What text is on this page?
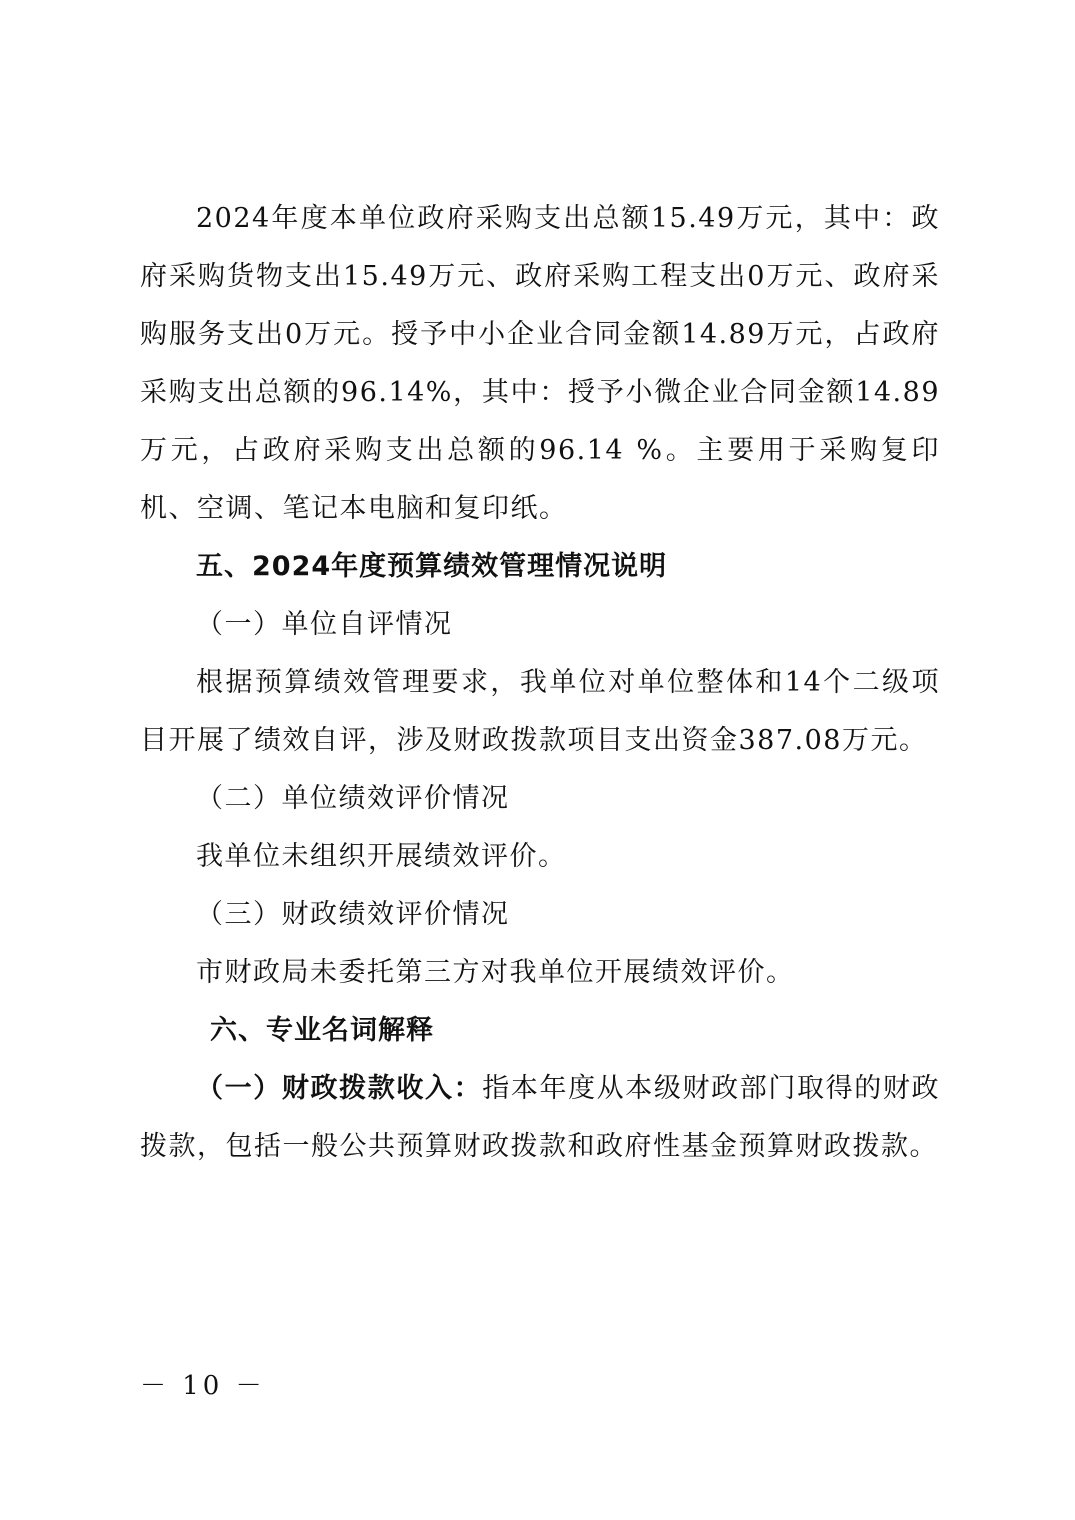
2024年度本单位政府采购支出总额15.49万元，其中：政府采购货物支出15.49万元、政府采购工程支出0万元、政府采购服务支出0万元。授予中小企业合同金额14.89万元，占政府采购支出总额的96.14%，其中：授予小微企业合同金额14.89万元，占政府采购支出总额的96.14 %。主要用于采购复印机、空调、笔记本电脑和复印纸。

五、2024年度预算绩效管理情况说明

（一）单位自评情况

根据预算绩效管理要求，我单位对单位整体和14个二级项目开展了绩效自评，涉及财政拨款项目支出资金387.08万元。

（二）单位绩效评价情况

我单位未组织开展绩效评价。

（三）财政绩效评价情况

市财政局未委托第三方对我单位开展绩效评价。

六、专业名词解释

（一）财政拨款收入：指本年度从本级财政部门取得的财政拨款，包括一般公共预算财政拨款和政府性基金预算财政拨款。

－ 10 －
